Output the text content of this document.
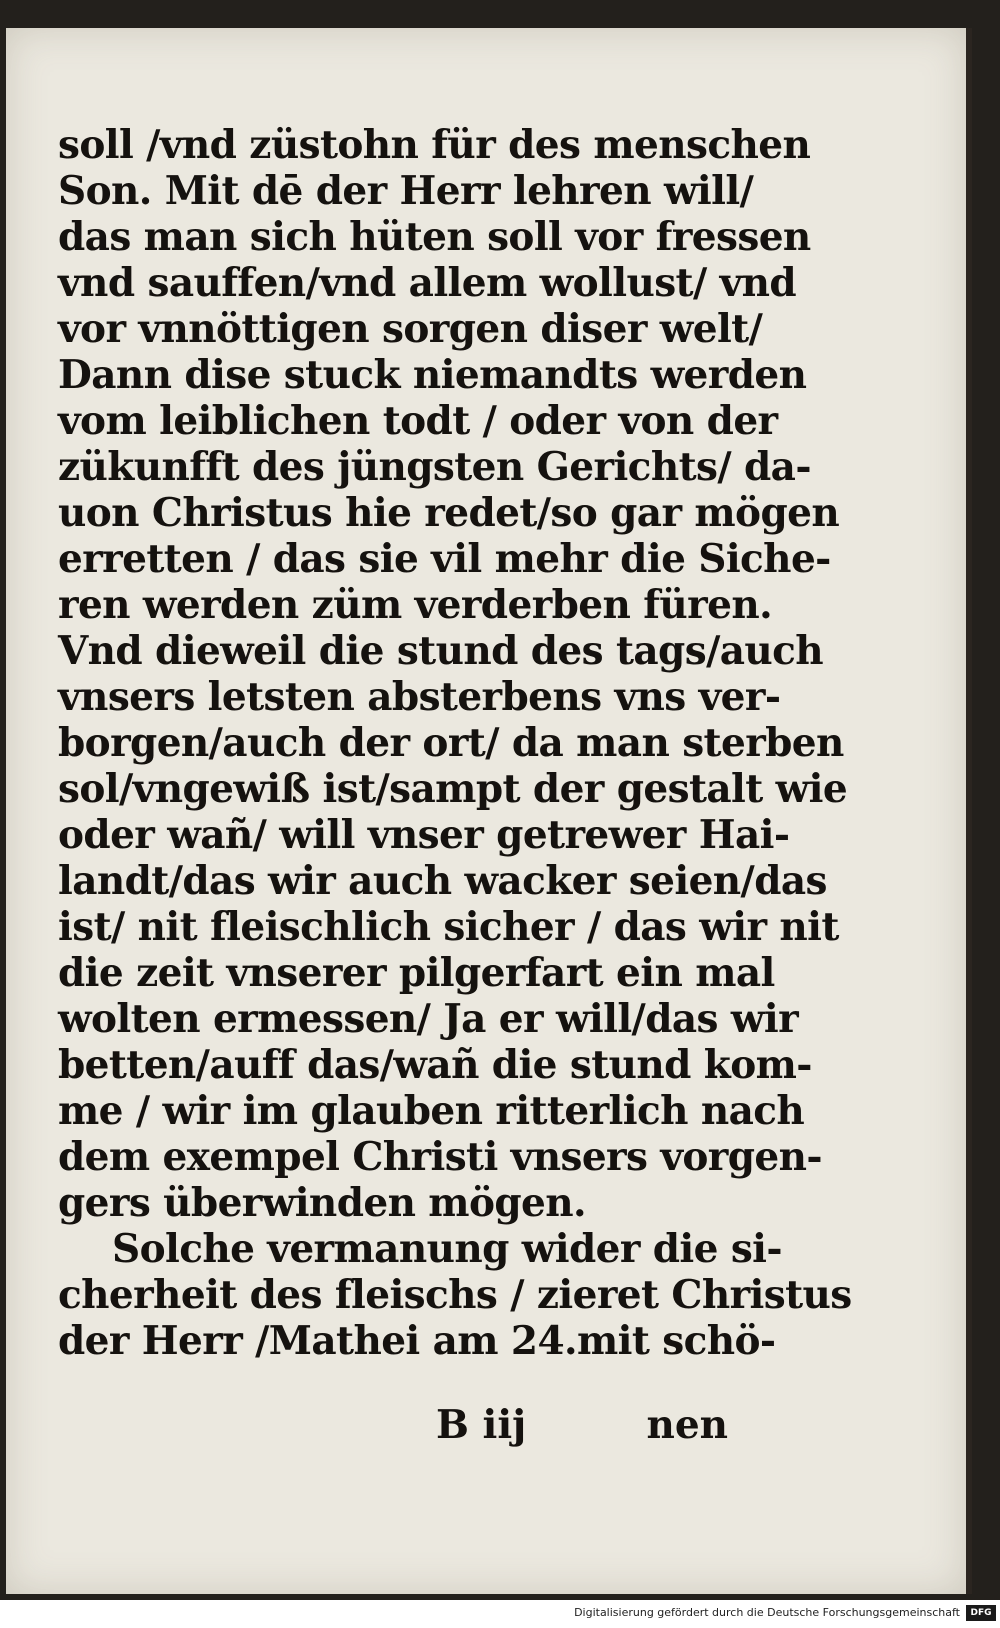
soll /vnd züstohn für des menschen
Son. Mit dē der Herr lehren will/
das man sich hüten soll vor fressen
vnd sauffen/vnd allem wollust/ vnd
vor vnnöttigen sorgen diser welt/
Dann dise stuck niemandts werden
vom leiblichen todt / oder von der
zükunfft des jüngsten Gerichts/ da-
uon Christus hie redet/so gar mögen
erretten / das sie vil mehr die Siche-
ren werden züm verderben füren.
Vnd dieweil die stund des tags/auch
vnsers letsten absterbens vns ver-
borgen/auch der ort/ da man sterben
sol/vngewiß ist/sampt der gestalt wie
oder wañ/ will vnser getrewer Hai-
landt/das wir auch wacker seien/das
ist/ nit fleischlich sicher / das wir nit
die zeit vnserer pilgerfart ein mal
wolten ermessen/ Ja er will/das wir
betten/auff das/wañ die stund kom-
me / wir im glauben ritterlich nach
dem exempel Christi vnsers vorgen-
gers überwinden mögen.
Solche vermanung wider die si-
cherheit des fleischs / zieret Christus
der Herr /Mathei am 24.mit schö-
B iij	nen
Digitalisierung gefördert durch die Deutsche Forschungsgemeinschaft	DFG
